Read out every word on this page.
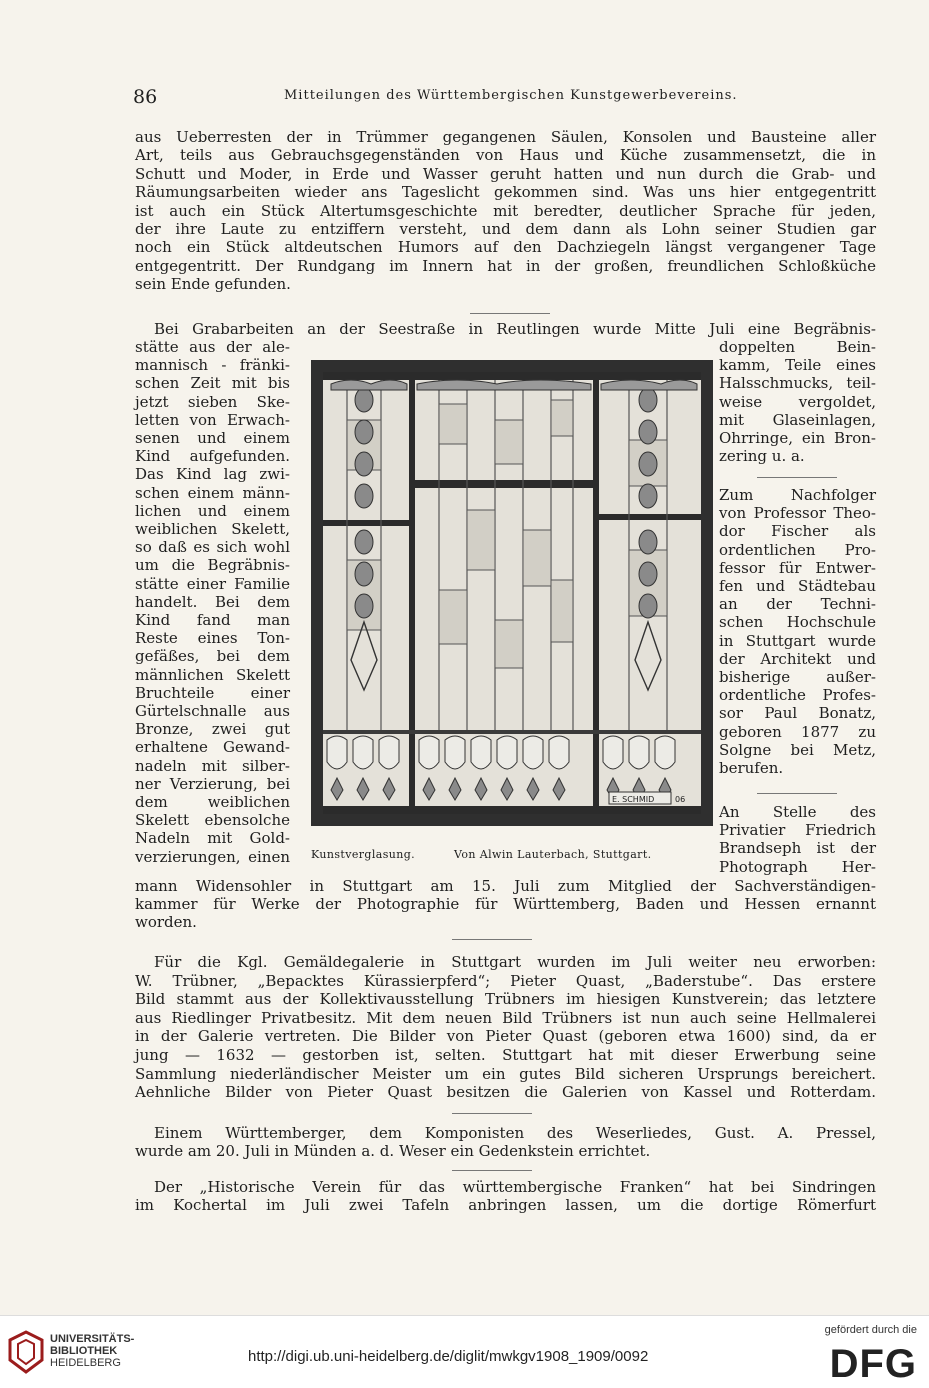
86	Mitteilungen des Württembergischen Kunstgewerbevereins.
aus Ueberresten der in Trümmer gegangenen Säulen, Konsolen und Bausteine aller
Art, teils aus Gebrauchsgegenständen von Haus und Küche zusammensetzt, die in
Schutt und Moder, in Erde und Wasser geruht hatten und nun durch die Grab- und
Räumungsarbeiten wieder ans Tageslicht gekommen sind. Was uns hier entgegentritt
ist auch ein Stück Altertumsgeschichte mit beredter, deutlicher Sprache für jeden,
der ihre Laute zu entziffern versteht, und dem dann als Lohn seiner Studien gar
noch ein Stück altdeutschen Humors auf den Dachziegeln längst vergangener Tage
entgegentritt. Der Rundgang im Innern hat in der großen, freundlichen Schloßküche
sein Ende gefunden.
Bei Grabarbeiten an der Seestraße in Reutlingen wurde Mitte Juli eine Begräbnis-
stätte aus der ale-
mannisch - fränki-
schen Zeit mit bis
jetzt sieben Ske-
letten von Erwach-
senen und einem
Kind aufgefunden.
Das Kind lag zwi-
schen einem männ-
lichen und einem
weiblichen Skelett,
so daß es sich wohl
um die Begräbnis-
stätte einer Familie
handelt. Bei dem
Kind fand man
Reste eines Ton-
gefäßes, bei dem
männlichen Skelett
Bruchteile einer
Gürtelschnalle aus
Bronze, zwei gut
erhaltene Gewand-
nadeln mit silber-
ner Verzierung, bei
dem weiblichen
Skelett ebensolche
Nadeln mit Gold-
verzierungen, einen
doppelten Bein-
kamm, Teile eines
Halsschmucks, teil-
weise vergoldet,
mit Glaseinlagen,
Ohrringe, ein Bron-
zering u. a.
Zum Nachfolger
von Professor Theo-
dor Fischer als
ordentlichen Pro-
fessor für Entwer-
fen und Städtebau
an der Techni-
schen Hochschule
in Stuttgart wurde
der Architekt und
bisherige außer-
ordentliche Profes-
sor Paul Bonatz,
geboren 1877 zu
Solgne bei Metz,
berufen.
An Stelle des
Privatier Friedrich
Brandseph ist der
Photograph Her-
mann Widensohler in Stuttgart am 15. Juli zum Mitglied der Sachverständigen-
kammer für Werke der Photographie für Württemberg, Baden und Hessen ernannt
worden.
Für die Kgl. Gemäldegalerie in Stuttgart wurden im Juli weiter neu erworben:
W. Trübner, „Bepacktes Kürassierpferd“; Pieter Quast, „Baderstube“. Das erstere
Bild stammt aus der Kollektivausstellung Trübners im hiesigen Kunstverein; das letztere
aus Riedlinger Privatbesitz. Mit dem neuen Bild Trübners ist nun auch seine Hellmalerei
in der Galerie vertreten. Die Bilder von Pieter Quast (geboren etwa 1600) sind, da er
jung — 1632 — gestorben ist, selten. Stuttgart hat mit dieser Erwerbung seine
Sammlung niederländischer Meister um ein gutes Bild sicheren Ursprungs bereichert.
Aehnliche Bilder von Pieter Quast besitzen die Galerien von Kassel und Rotterdam.
Einem Württemberger, dem Komponisten des Weserliedes, Gust. A. Pressel,
wurde am 20. Juli in Münden a. d. Weser ein Gedenkstein errichtet.
Der „Historische Verein für das württembergische Franken“ hat bei Sindringen
im Kochertal im Juli zwei Tafeln anbringen lassen, um die dortige Römerfurt
E. SCHMID	06
Kunstverglasung.	Von Alwin Lauterbach, Stuttgart.
UNIVERSITÄTS-
BIBLIOTHEK
HEIDELBERG	http://digi.ub.uni-heidelberg.de/diglit/mwkgv1908_1909/0092
gefördert durch die
DFG
